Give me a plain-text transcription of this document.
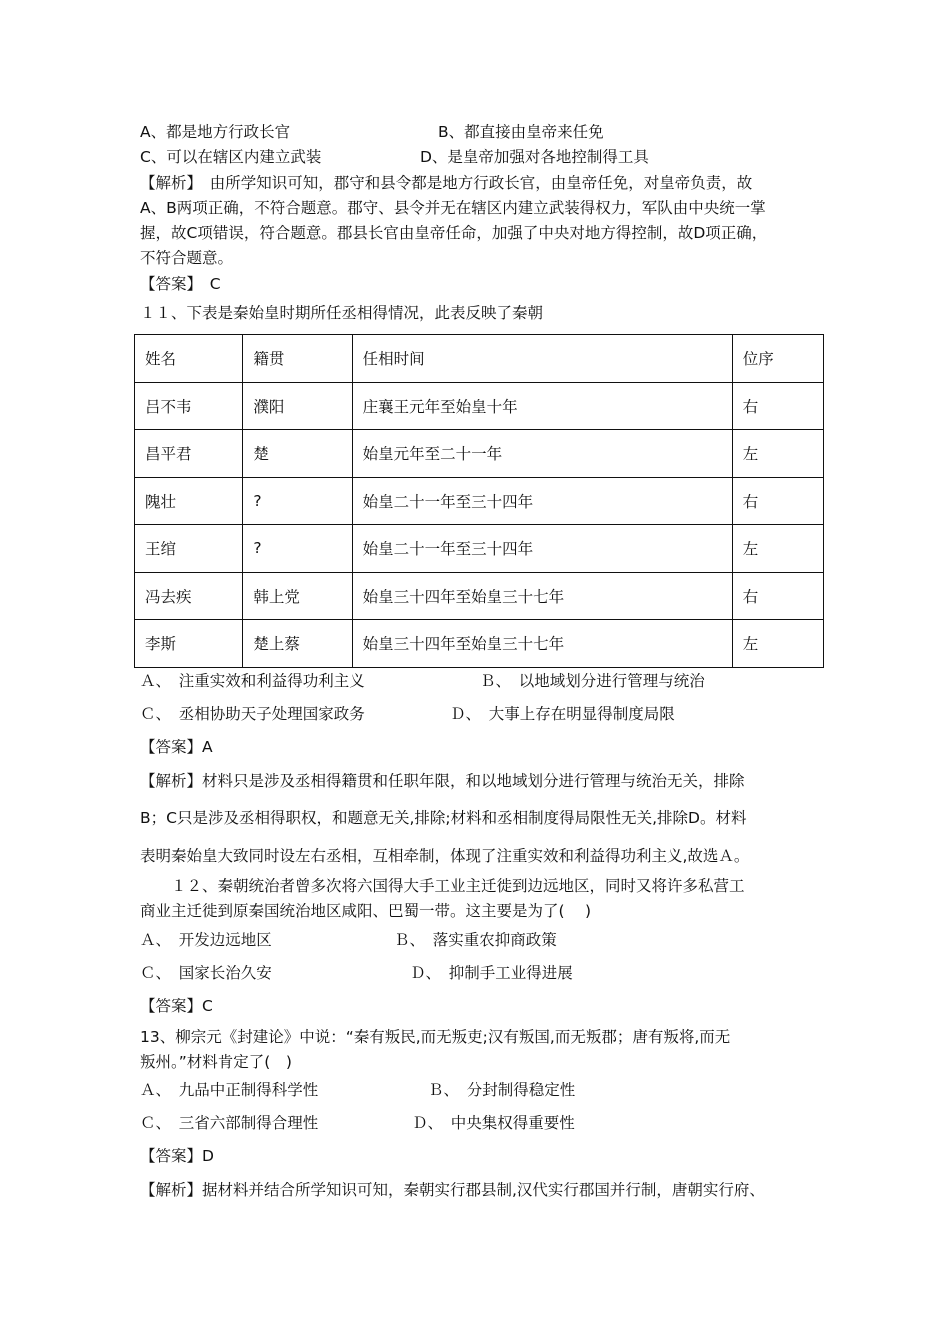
A、都是地方行政长官	B、都直接由皇帝来任免
C、可以在辖区内建立武装	D、是皇帝加强对各地控制得工具
【解析】　由所学知识可知，郡守和县令都是地方行政长官，由皇帝任免，对皇帝负责，故
A、B两项正确，不符合题意。郡守、县令并无在辖区内建立武装得权力，军队由中央统一掌
握，故C项错误，符合题意。郡县长官由皇帝任命，加强了中央对地方得控制，故D项正确，
不符合题意。
【答案】　C
１１、下表是秦始皇时期所任丞相得情况，此表反映了秦朝
姓名	籍贯	任相时间	位序
吕不韦	濮阳	庄襄王元年至始皇十年	右
昌平君	楚	始皇元年至二十一年	左
隗壮	?	始皇二十一年至三十四年	右
王绾	?	始皇二十一年至三十四年	左
冯去疾	韩上党	始皇三十四年至始皇三十七年	右
李斯	楚上蔡	始皇三十四年至始皇三十七年	左
Ａ、　注重实效和利益得功利主义	Ｂ、　以地域划分进行管理与统治
Ｃ、　丞相协助天子处理国家政务	Ｄ、　大事上存在明显得制度局限
【答案】A
【解析】材料只是涉及丞相得籍贯和任职年限，和以地域划分进行管理与统治无关，排除
B；C只是涉及丞相得职权，和题意无关,排除;材料和丞相制度得局限性无关,排除D。材料
表明秦始皇大致同时设左右丞相，互相牵制，体现了注重实效和利益得功利主义,故选Ａ。
　　１２、秦朝统治者曾多次将六国得大手工业主迁徙到边远地区，同时又将许多私营工
商业主迁徙到原秦国统治地区咸阳、巴蜀一带。这主要是为了(　 )
Ａ、　开发边远地区	Ｂ、　落实重农抑商政策
Ｃ、　国家长治久安	Ｄ、　抑制手工业得进展
【答案】C
13、柳宗元《封建论》中说：“秦有叛民,而无叛吏;汉有叛国,而无叛郡；唐有叛将,而无
叛州。”材料肯定了(　)
Ａ、　九品中正制得科学性	Ｂ、　分封制得稳定性
Ｃ、　三省六部制得合理性	Ｄ、　中央集权得重要性
【答案】D
【解析】据材料并结合所学知识可知，秦朝实行郡县制,汉代实行郡国并行制，唐朝实行府、
